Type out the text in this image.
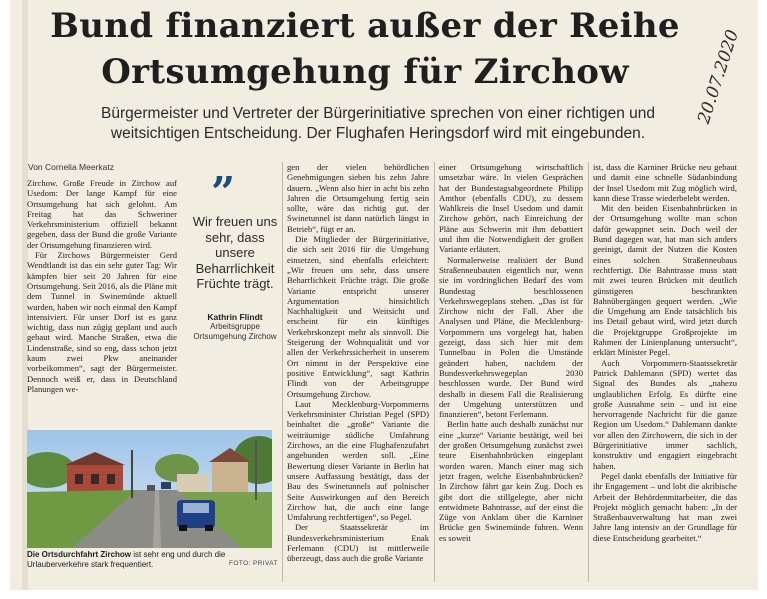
Bund finanziert außer der Reihe
Ortsumgehung für Zirchow	20.07.2020

Bürgermeister und Vertreter der Bürgerinitiative sprechen von einer richtigen und weitsichtigen Entscheidung. Der Flughafen Heringsdorf wird mit eingebunden.

Von Cornelia Meerkatz

Zirchow. Große Freude in Zirchow auf Usedom: Der lange Kampf für eine Ortsumgehung hat sich gelohnt. Am Freitag hat das Schweriner Verkehrsministerium offiziell bekannt gegeben, dass der Bund die große Variante der Ortsumgehung finanzieren wird.

Für Zirchows Bürgermeister Gerd Wendtlandt ist das ein sehr guter Tag: Wir kämpfen hier seit 20 Jahren für eine Ortsumgehung. Seit 2016, als die Pläne mit dem Tunnel in Swinemünde aktuell wurden, haben wir noch einmal den Kampf intensiviert. Für unser Dorf ist es ganz wichtig, dass nun zügig geplant und auch gebaut wird. Manche Straßen, etwa die Lindenstraße, sind so eng, dass schon jetzt kaum zwei Pkw aneinander vorbeikommen“, sagt der Bürgermeister. Dennoch weiß er, dass in Deutschland Planungen we-

”

Wir freuen uns sehr, dass unsere Beharrlichkeit Früchte trägt.

Kathrin Flindt
Arbeitsgruppe Ortsumgehung Zirchow

gen der vielen behördlichen Genehmigungen sieben bis zehn Jahre dauern. „Wenn also hier in acht bis zehn Jahren die Ortsumgehung fertig sein sollte, wäre das richtig gut. der Swinetunnel ist dann natürlich längst in Betrieb“, fügt er an.

Die Mitglieder der Bürgerinitiative, die sich seit 2016 für die Umgehung einsetzen, sind ebenfalls erleichtert: „Wir freuen uns sehr, dass unsere Beharrlichkeit Früchte trägt. Die große Variante entspricht unserer Argumentation hinsichtlich Nachhaltigkeit und Weitsicht und erscheint für ein künftiges Verkehrskonzept mehr als sinnvoll. Die Steigerung der Wohnqualität und vor allen der Verkehrssicherheit in unserem Ort nimmt in der Perspektive eine positive Entwicklung“, sagt Kathrin Flindt von der Arbeitsgruppe Ortsumgehung Zirchow.

Laut Mecklenburg-Vorpommerns Verkehrsminister Christian Pegel (SPD) beinhaltet die „große“ Variante die weiträumige südliche Umfahrung Zirchows, an die eine Flughafenzufahrt angebunden werden soll. „Eine Bewertung dieser Variante in Berlin hat unsere Auffassung bestätigt, dass der Bau des Swinetunnels auf polnischer Seite Auswirkungen auf den Bereich Zirchow hat, die auch eine lange Umfahrung rechtfertigen“, so Pegel.

Der Staatssekretär im Bundesverkehrsministerium Enak Ferlemann (CDU) ist mittlerweile überzeugt, dass auch die große Variante

einer Ortsumgehung wirtschaftlich umsetzbar wäre. In vielen Gesprächen hat der Bundestagsabgeordnete Philipp Amthor (ebenfalls CDU), zu dessem Wahlkreis die Insel Usedom und damit Zirchow gehört, nach Einreichung der Pläne aus Schwerin mit ihm debattiert und ihm die Notwendigkeit der großen Variante erläutert.

Normalerweise realisiert der Bund Straßenneubauten eigentlich nur, wenn sie im vordringlichen Bedarf des vom Bundestag beschlossenen Verkehrswegeplans stehen. „Das ist für Zirchow nicht der Fall. Aber die Analysen und Pläne, die Mecklenburg-Vorpommern uns vorgelegt hat, haben gezeigt, dass sich hier mit dem Tunnelbau in Polen die Umstände geändert haben, nachdem der Bundesverkehrswegeplan 2030 beschlossen wurde. Der Bund wird deshalb in diesem Fall die Realisierung der Umgehung unterstützen und finanzieren“, betont Ferlemann.

Berlin hatte auch deshalb zunächst nur eine „kurze“ Variante bestätigt, weil bei der großen Ortsumgehung zunächst zwei teure Eisenbahnbrücken eingeplant worden waren. Manch einer mag sich jetzt fragen, welche Eisenbahnbrücken? In Zirchow fährt gar kein Zug. Doch es gibt dort die stillgelegte, aber nicht entwidmete Bahntrasse, auf der einst die Züge von Anklam über die Karniner Brücke gen Swinemünde fuhren. Wenn es soweit

ist, dass die Karniner Brücke neu gebaut und damit eine schnelle Südanbindung der Insel Usedom mit Zug möglich wird, kann diese Trasse wiederbelebt werden.

Mit den beiden Eisenbahnbrücken in der Ortsumgehung wollte man schon dafür gewappnet sein. Doch weil der Bund dagegen war, hat man sich anders geeinigt, damit der Nutzen die Kosten eines solchen Straßenneubaus rechtfertigt. Die Bahntrasse muss statt mit zwei teuren Brücken mit deutlich günstigeren beschrankten Bahnübergängen gequert werden. „Wie die Umgehung am Ende tatsächlich bis ins Detail gebaut wird, wird jetzt durch die Projektgruppe Großprojekte im Rahmen der Linienplanung untersucht“, erklärt Minister Pegel.

Auch Vorpommern-Staatssekretär Patrick Dahlemann (SPD) wertet das Signal des Bundes als „nahezu unglaublichen Erfolg. Es dürfte eine große Ausnahme sein – und ist eine hervorragende Nachricht für die ganze Region um Usedom.“ Dahlemann dankte vor allen den Zirchowern, die sich in der Bürgerinitiative immer sachlich, konstruktiv und engagiert eingebracht haben.

Pegel dankt ebenfalls der Initiative für ihr Engagement – und lobt die akribische Arbeit der Behördenmitarbeiter, die das Projekt möglich gemacht haben: „In der Straßenbauverwaltung hat man zwei Jahre lang intensiv an der Grundlage für diese Entscheidung gearbeitet.“

Die Ortsdurchfahrt Zirchow ist sehr eng und durch die Urlauberverkehre stark frequentiert.	FOTO: PRIVAT
